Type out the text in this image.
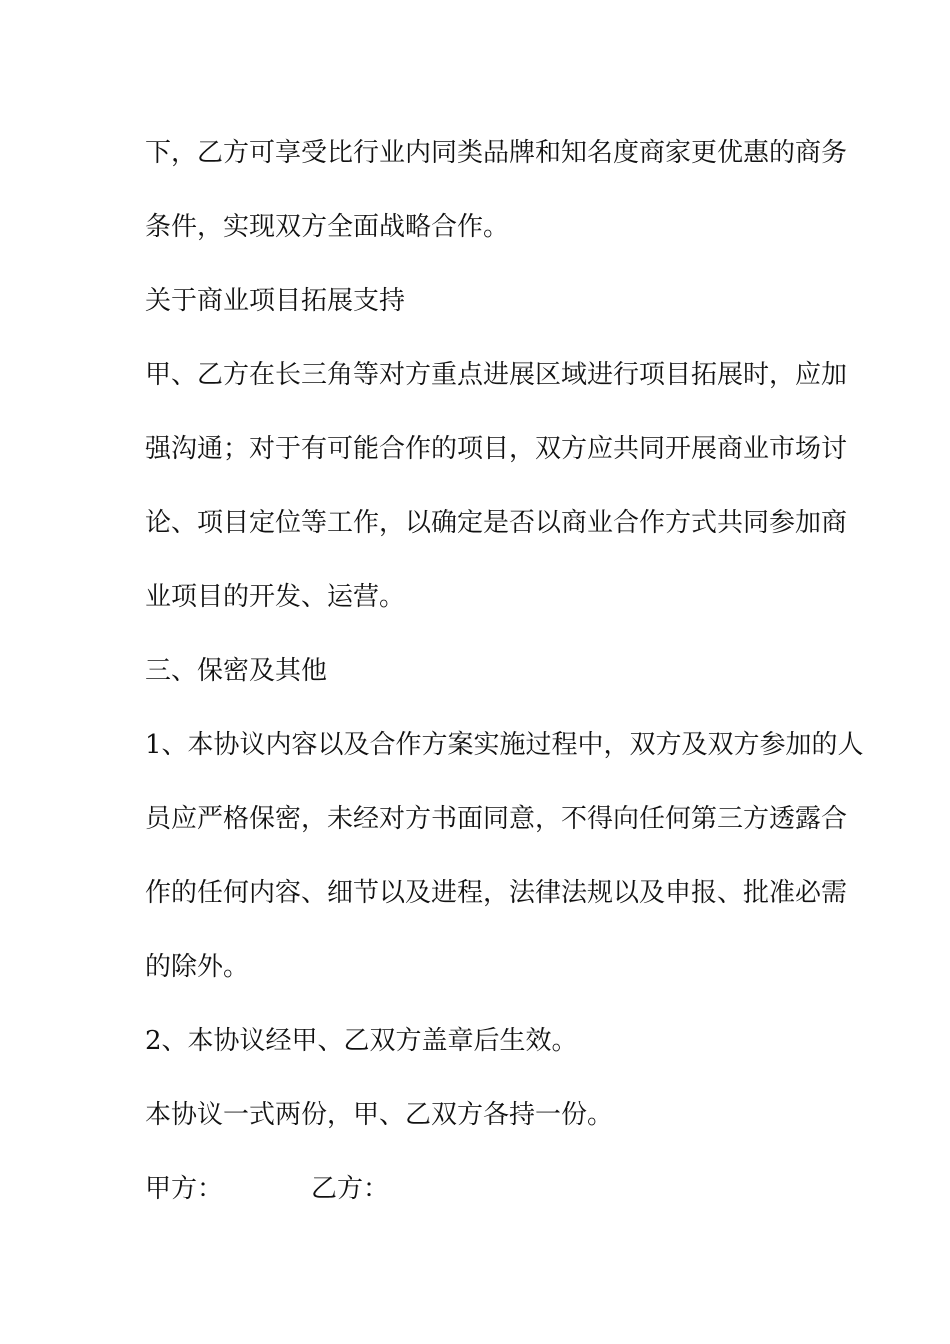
下，乙方可享受比行业内同类品牌和知名度商家更优惠的商务
条件，实现双方全面战略合作。
关于商业项目拓展支持
甲、乙方在长三角等对方重点进展区域进行项目拓展时，应加
强沟通；对于有可能合作的项目，双方应共同开展商业市场讨
论、项目定位等工作，以确定是否以商业合作方式共同参加商
业项目的开发、运营。
三、保密及其他
1、本协议内容以及合作方案实施过程中，双方及双方参加的人
员应严格保密，未经对方书面同意，不得向任何第三方透露合
作的任何内容、细节以及进程，法律法规以及申报、批准必需
的除外。
2、本协议经甲、乙双方盖章后生效。
本协议一式两份，甲、乙双方各持一份。
甲方：	乙方：
